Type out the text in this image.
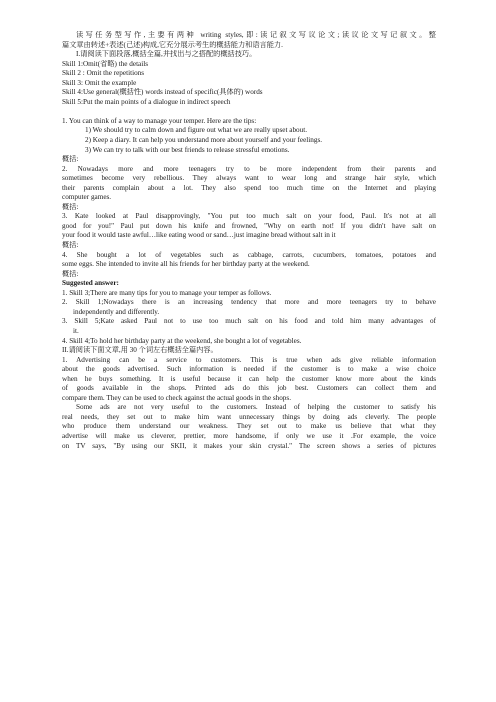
读写任务型写作,主要有两种 writing styles,即:读记叙文写议论文;读议论文写记叙文。整
篇文章由转述+表述(己述)构成,它充分展示考生的概括能力和语言能力.
I.请阅读下面段落,概括全篇,并找出与之搭配的概括技巧。
Skill 1:Omit(省略) the details
Skill 2 : Omit the repetitions
Skill 3: Omit the example
Skill 4:Use general(概括性) words instead of specific(具体的) words
Skill 5:Put the main points of a dialogue in indirect speech
1. You can think of a way to manage your temper. Here are the tips:
1) We should try to calm down and figure out what we are really upset about.
2) Keep a diary. It can help you understand more about yourself and your feelings.
3) We can try to talk with our best friends to release stressful emotions.
概括:
2. Nowadays more and more teenagers try to be more independent from their parents and
sometimes become very rebellious. They always want to wear long and strange hair style, which
their parents complain about a lot. They also spend too much time on the Internet and playing
computer games.
概括:
3. Kate looked at Paul disapprovingly, "You put too much salt on your food, Paul. It's not at all
good for you!" Paul put down his knife and frowned, "Why on earth not! If you didn't have salt on
your food it would taste awful…like eating wood or sand…just imagine bread without salt in it
概括:
4. She bought a lot of vegetables such as cabbage, carrots, cucumbers, tomatoes, potatoes and
some eggs. She intended to invite all his friends for her birthday party at the weekend.
概括:
Suggested answer:
1. Skill 3;There are many tips for you to manage your temper as follows.
2. Skill 1;Nowadays there is an increasing tendency that more and more teenagers try to behave
independently and differently.
3. Skill 5;Kate asked Paul not to use too much salt on his food and told him many advantages of
it.
4. Skill 4;To hold her birthday party at the weekend, she bought a lot of vegetables.
II.请阅读下面文章,用 30 个词左右概括全篇内容。
1. Advertising can be a service to customers. This is true when ads give reliable information
about the goods advertised. Such information is needed if the customer is to make a wise choice
when he buys something. It is useful because it can help the customer know more about the kinds
of goods available in the shops. Printed ads do this job best. Customers can collect them and
compare them. They can be used to check against the actual goods in the shops.
Some ads are not very useful to the customers. Instead of helping the customer to satisfy his
real needs, they set out to make him want unnecessary things by doing ads cleverly. The people
who produce them understand our weakness. They set out to make us believe that what they
advertise will make us cleverer, prettier, more handsome, if only we use it .For example, the voice
on TV says, "By using our SKII, it makes your skin crystal." The screen shows a series of pictures
